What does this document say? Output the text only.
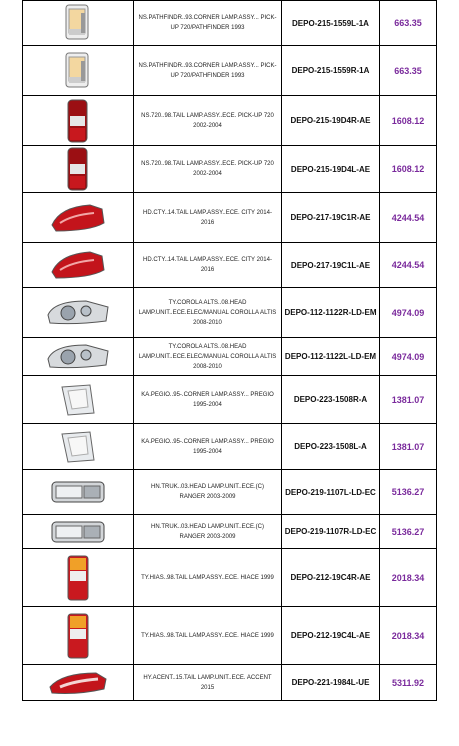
	NS.PATHFINDR..93.CORNER LAMP.ASSY... PICK-UP 720/PATHFINDER 1993	DEPO-215-1559L-1A	663.35

	NS.PATHFINDR..93.CORNER LAMP.ASSY... PICK-UP 720/PATHFINDER 1993	DEPO-215-1559R-1A	663.35

	NS.720..98.TAIL LAMP.ASSY..ECE. PICK-UP 720 2002-2004	DEPO-215-19D4R-AE	1608.12

	NS.720..98.TAIL LAMP.ASSY..ECE. PICK-UP 720 2002-2004	DEPO-215-19D4L-AE	1608.12

	HD.CTY..14.TAIL LAMP.ASSY..ECE. CITY 2014-2016	DEPO-217-19C1R-AE	4244.54

	HD.CTY..14.TAIL LAMP.ASSY..ECE. CITY 2014-2016	DEPO-217-19C1L-AE	4244.54

	TY.COROLA ALTS..08.HEAD LAMP.UNIT..ECE.ELEC/MANUAL COROLLA ALTIS 2008-2010	DEPO-112-1122R-LD-EM	4974.09

	TY.COROLA ALTS..08.HEAD LAMP.UNIT..ECE.ELEC/MANUAL COROLLA ALTIS 2008-2010	DEPO-112-1122L-LD-EM	4974.09

	KA.PEGIO..95-.CORNER LAMP.ASSY... PREGIO 1995-2004	DEPO-223-1508R-A	1381.07

	KA.PEGIO..95-.CORNER LAMP.ASSY... PREGIO 1995-2004	DEPO-223-1508L-A	1381.07

	HN.TRUK..03.HEAD LAMP.UNIT..ECE.(C) RANGER 2003-2009	DEPO-219-1107L-LD-EC	5136.27

	HN.TRUK..03.HEAD LAMP.UNIT..ECE.(C) RANGER 2003-2009	DEPO-219-1107R-LD-EC	5136.27

	TY.HIAS..98.TAIL LAMP.ASSY..ECE. HIACE 1999	DEPO-212-19C4R-AE	2018.34

	TY.HIAS..98.TAIL LAMP.ASSY..ECE. HIACE 1999	DEPO-212-19C4L-AE	2018.34

	HY.ACENT..15.TAIL LAMP.UNIT..ECE. ACCENT 2015	DEPO-221-1984L-UE	5311.92
